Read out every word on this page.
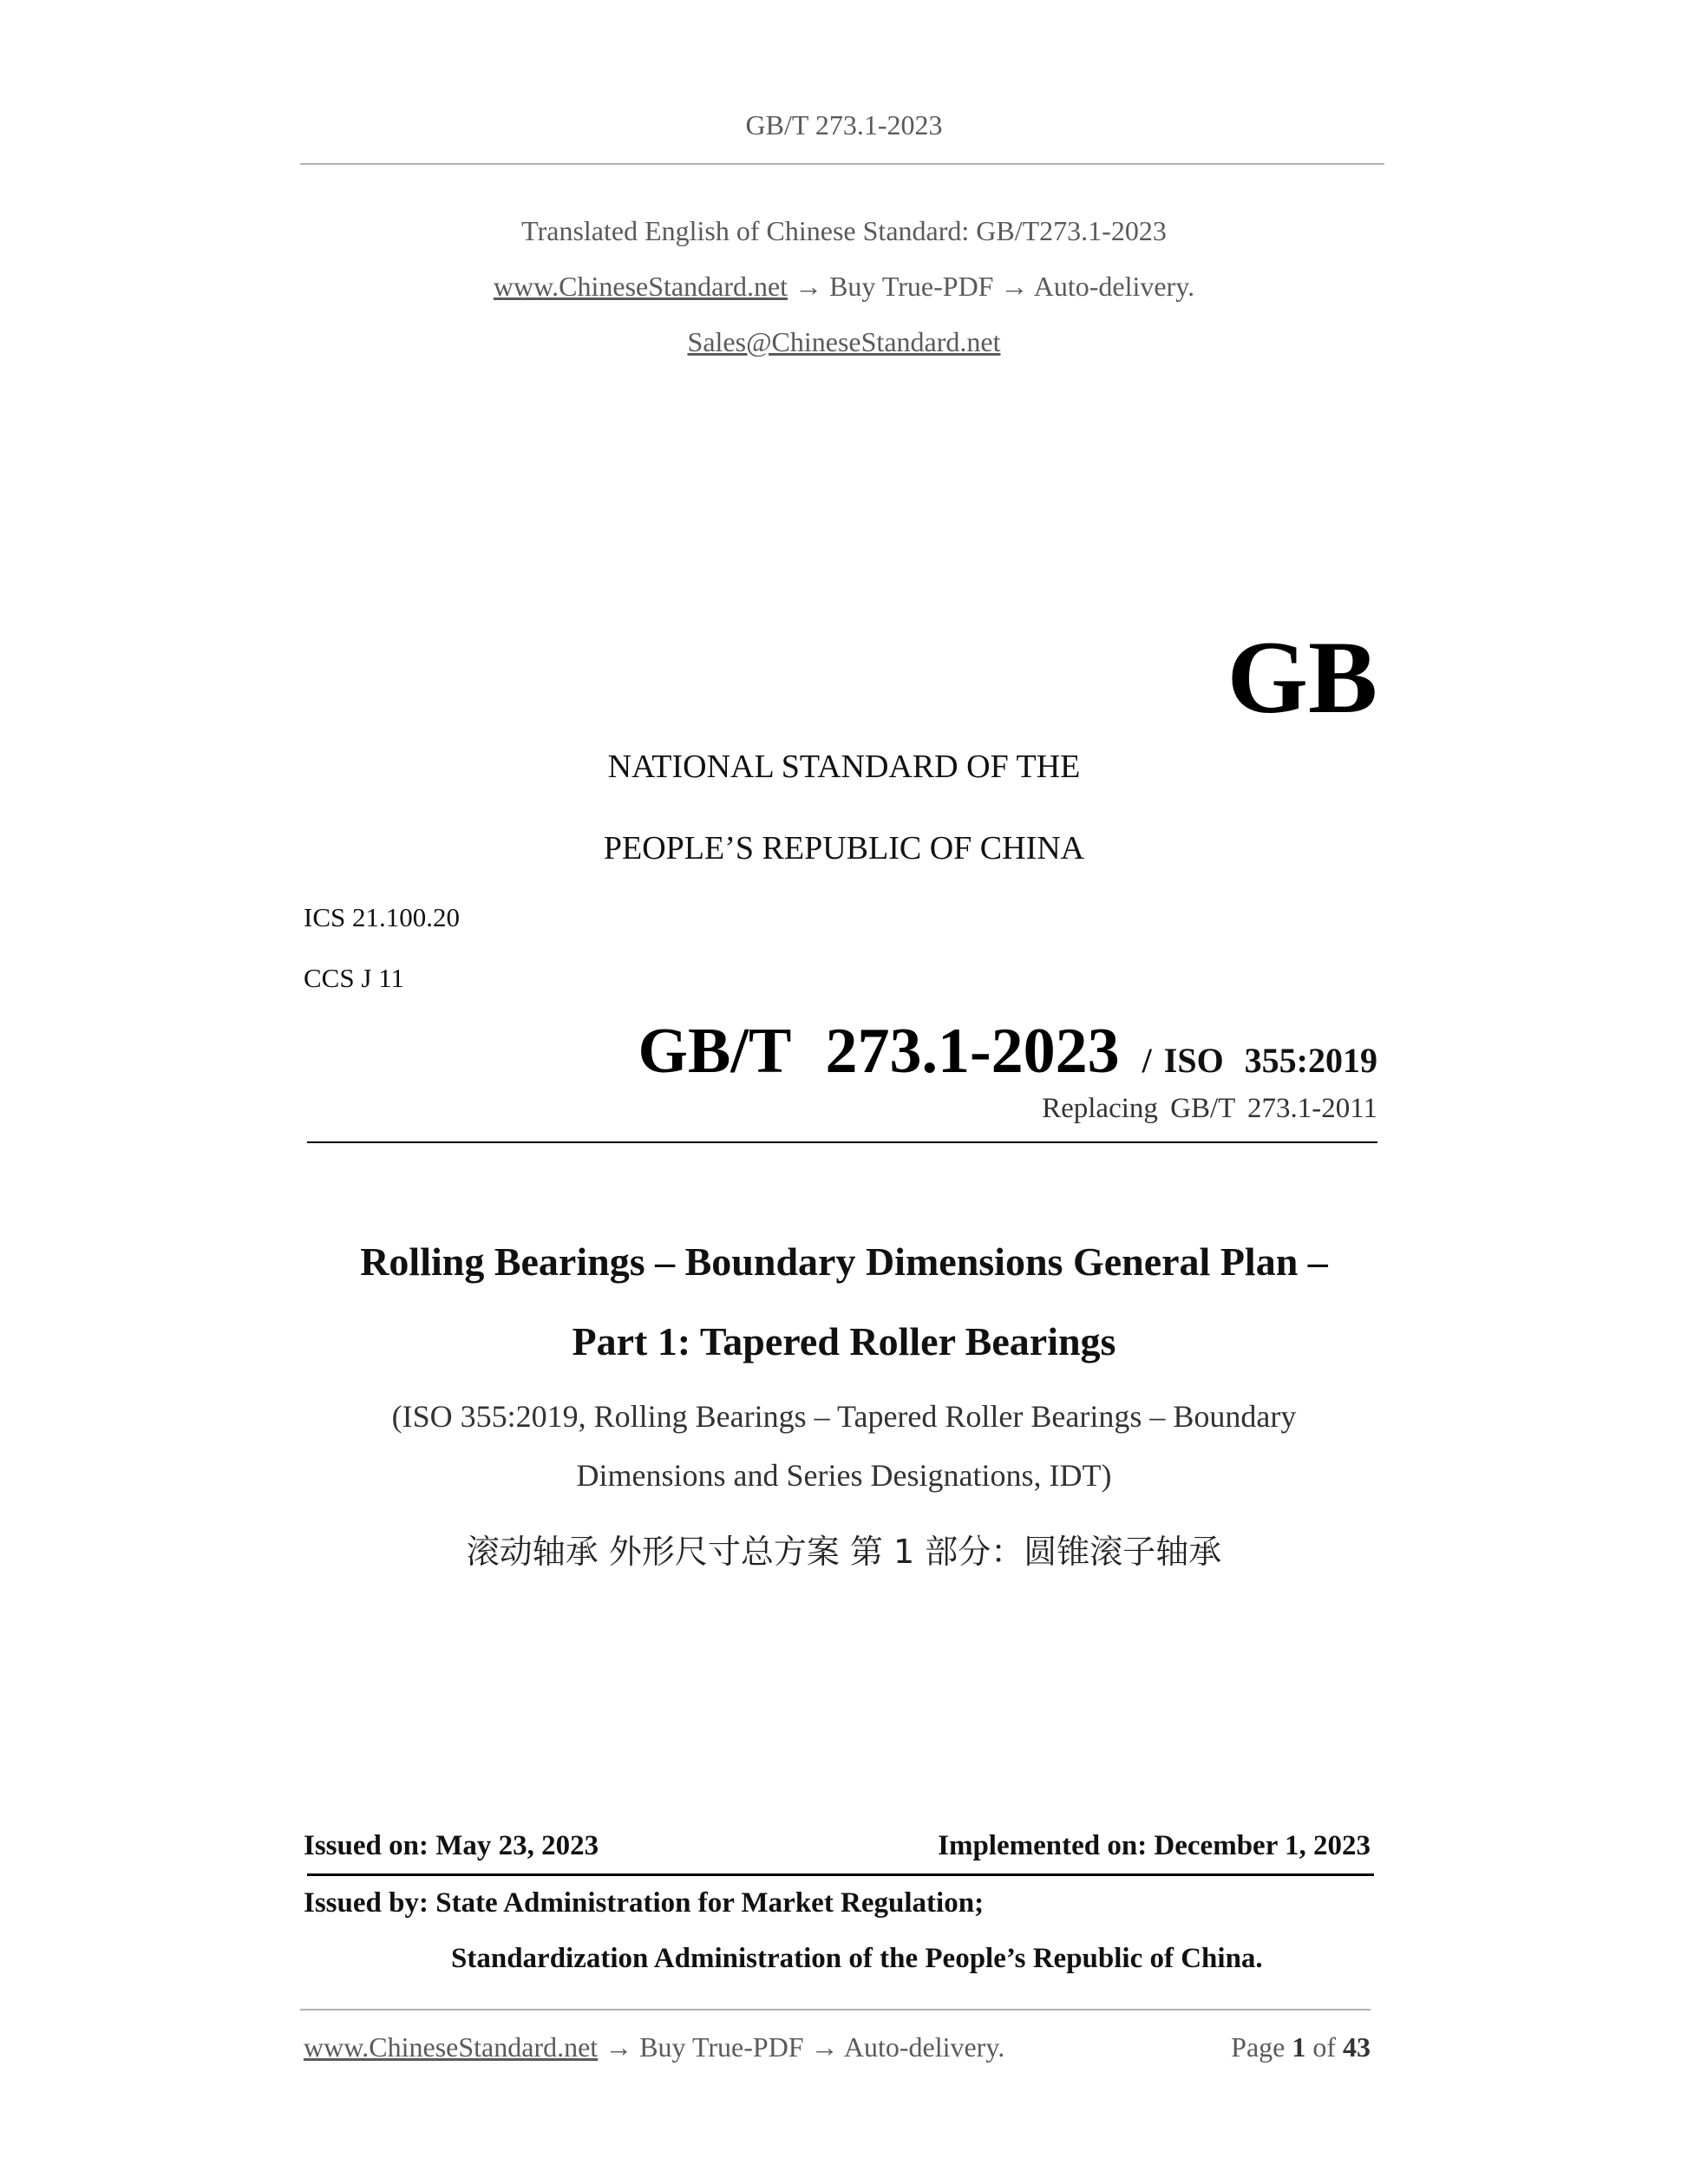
GB/T 273.1-2023
Translated English of Chinese Standard: GB/T273.1-2023
www.ChineseStandard.net → Buy True-PDF → Auto-delivery.
Sales@ChineseStandard.net
GB
NATIONAL STANDARD OF THE
PEOPLE’S REPUBLIC OF CHINA
ICS 21.100.20
CCS J 11
GB/T 273.1-2023 / ISO 355:2019
Replacing GB/T 273.1-2011
Rolling Bearings – Boundary Dimensions General Plan –
Part 1: Tapered Roller Bearings
(ISO 355:2019, Rolling Bearings – Tapered Roller Bearings – Boundary
Dimensions and Series Designations, IDT)
滚动轴承 外形尺寸总方案 第 1 部分：圆锥滚子轴承
Issued on: May 23, 2023	Implemented on: December 1, 2023
Issued by: State Administration for Market Regulation;
Standardization Administration of the People’s Republic of China.
www.ChineseStandard.net → Buy True-PDF → Auto-delivery.	Page 1 of 43
